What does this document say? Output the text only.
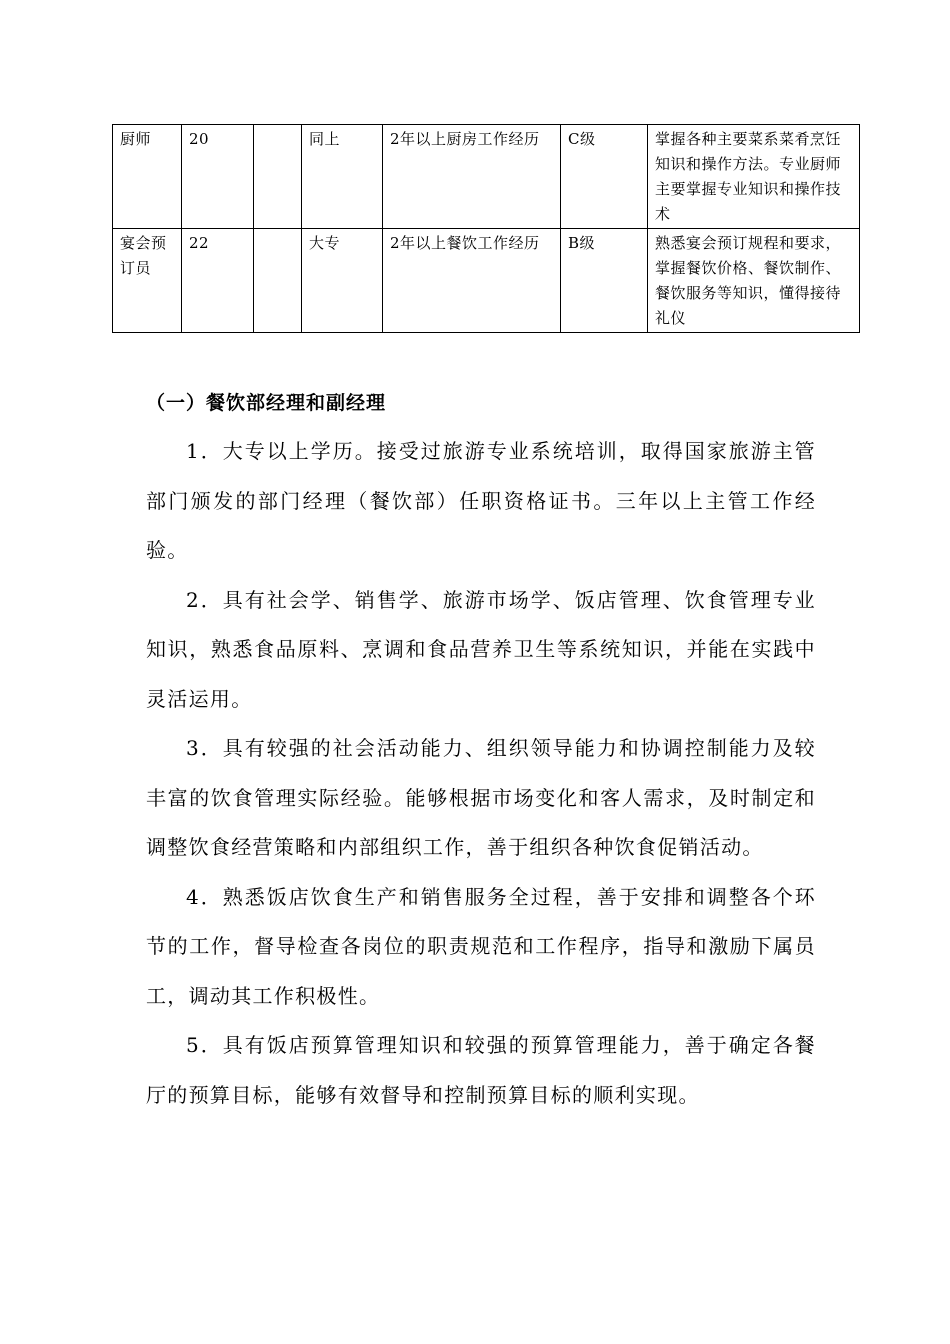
厨师	20		同上	2年以上厨房工作经历	C级	掌握各种主要菜系菜肴烹饪知识和操作方法。专业厨师主要掌握专业知识和操作技术
宴会预订员	22		大专	2年以上餐饮工作经历	B级	熟悉宴会预订规程和要求，掌握餐饮价格、餐饮制作、餐饮服务等知识，懂得接待礼仪
（一）餐饮部经理和副经理

1．大专以上学历。接受过旅游专业系统培训，取得国家旅游主管部门颁发的部门经理（餐饮部）任职资格证书。三年以上主管工作经验。

2．具有社会学、销售学、旅游市场学、饭店管理、饮食管理专业知识，熟悉食品原料、烹调和食品营养卫生等系统知识，并能在实践中灵活运用。

3．具有较强的社会活动能力、组织领导能力和协调控制能力及较丰富的饮食管理实际经验。能够根据市场变化和客人需求，及时制定和调整饮食经营策略和内部组织工作，善于组织各种饮食促销活动。

4．熟悉饭店饮食生产和销售服务全过程，善于安排和调整各个环节的工作，督导检查各岗位的职责规范和工作程序，指导和激励下属员工，调动其工作积极性。

5．具有饭店预算管理知识和较强的预算管理能力，善于确定各餐厅的预算目标，能够有效督导和控制预算目标的顺利实现。
